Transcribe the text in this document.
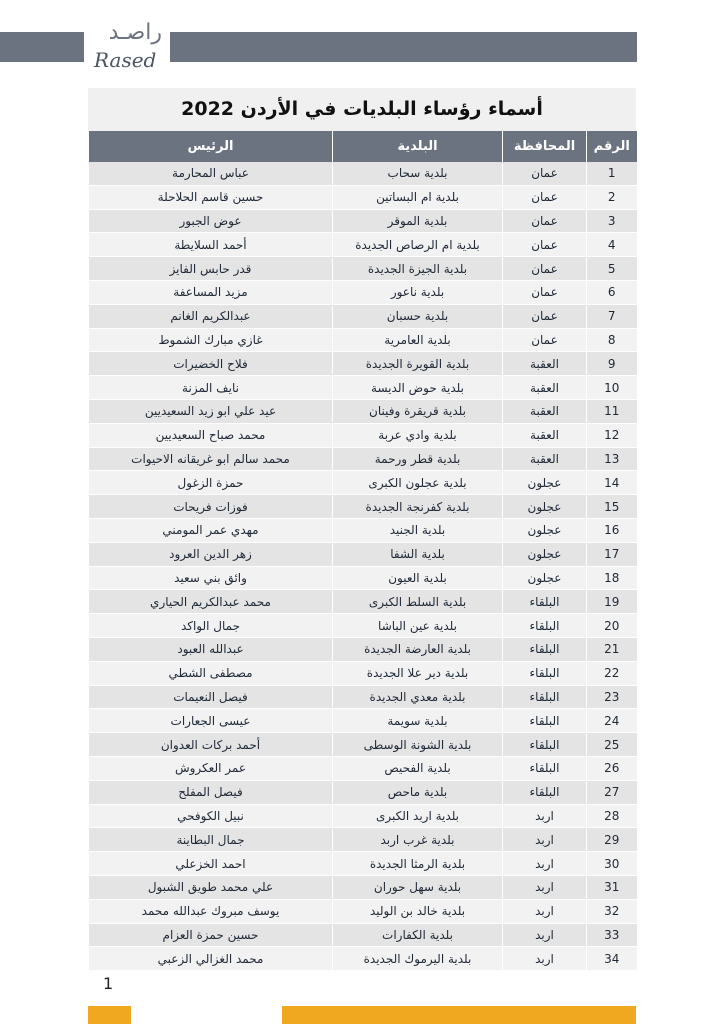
راصـد
Rased
أسماء رؤساء البلديات في الأردن 2022
الرقم	المحافظة	البلدية	الرئيس
1	عمان	بلدية سحاب	عباس المحارمة
2	عمان	بلدية ام البساتين	حسين قاسم الحلاحلة
3	عمان	بلدية الموقر	عوض الجبور
4	عمان	بلدية ام الرصاص الجديدة	أحمد السلايطة
5	عمان	بلدية الجيزة الجديدة	قدر حابس الفايز
6	عمان	بلدية ناعور	مزيد المساعفة
7	عمان	بلدية حسبان	عبدالكريم الغانم
8	عمان	بلدية العامرية	غازي مبارك الشموط
9	العقبة	بلدية القويرة الجديدة	فلاح الخضيرات
10	العقبة	بلدية حوض الديسة	نايف المزنة
11	العقبة	بلدية قريقرة وفينان	عيد علي ابو زيد السعيديين
12	العقبة	بلدية وادي عربة	محمد صباح السعيديين
13	العقبة	بلدية قطر ورحمة	محمد سالم ابو غريقانه الاحيوات
14	عجلون	بلدية عجلون الكبرى	حمزة الزغول
15	عجلون	بلدية كفرنجة الجديدة	فوزات فريحات
16	عجلون	بلدية الجنيد	مهدي عمر المومني
17	عجلون	بلدية الشفا	زهر الدين العرود
18	عجلون	بلدية العيون	وائق بني سعيد
19	البلقاء	بلدية السلط الكبرى	محمد عبدالكريم الحياري
20	البلقاء	بلدية عين الباشا	جمال الواكد
21	البلقاء	بلدية العارضة الجديدة	عبدالله العبود
22	البلقاء	بلدية دير علا الجديدة	مصطفى الشطي
23	البلقاء	بلدية معدي الجديدة	فيصل النعيمات
24	البلقاء	بلدية سويمة	عيسى الجعارات
25	البلقاء	بلدية الشونة الوسطى	أحمد بركات العدوان
26	البلقاء	بلدية الفحيص	عمر العكروش
27	البلقاء	بلدية ماحص	فيصل المفلح
28	اربد	بلدية اربد الكبرى	نبيل الكوفحي
29	اربد	بلدية غرب اربد	جمال البطاينة
30	اربد	بلدية الرمثا الجديدة	احمد الخزعلي
31	اربد	بلدية سهل حوران	علي محمد طويق الشبول
32	اربد	بلدية خالد بن الوليد	يوسف مبروك عبدالله محمد
33	اربد	بلدية الكفارات	حسين حمزة العزام
34	اربد	بلدية اليرموك الجديدة	محمد الغزالي الزعبي
1
